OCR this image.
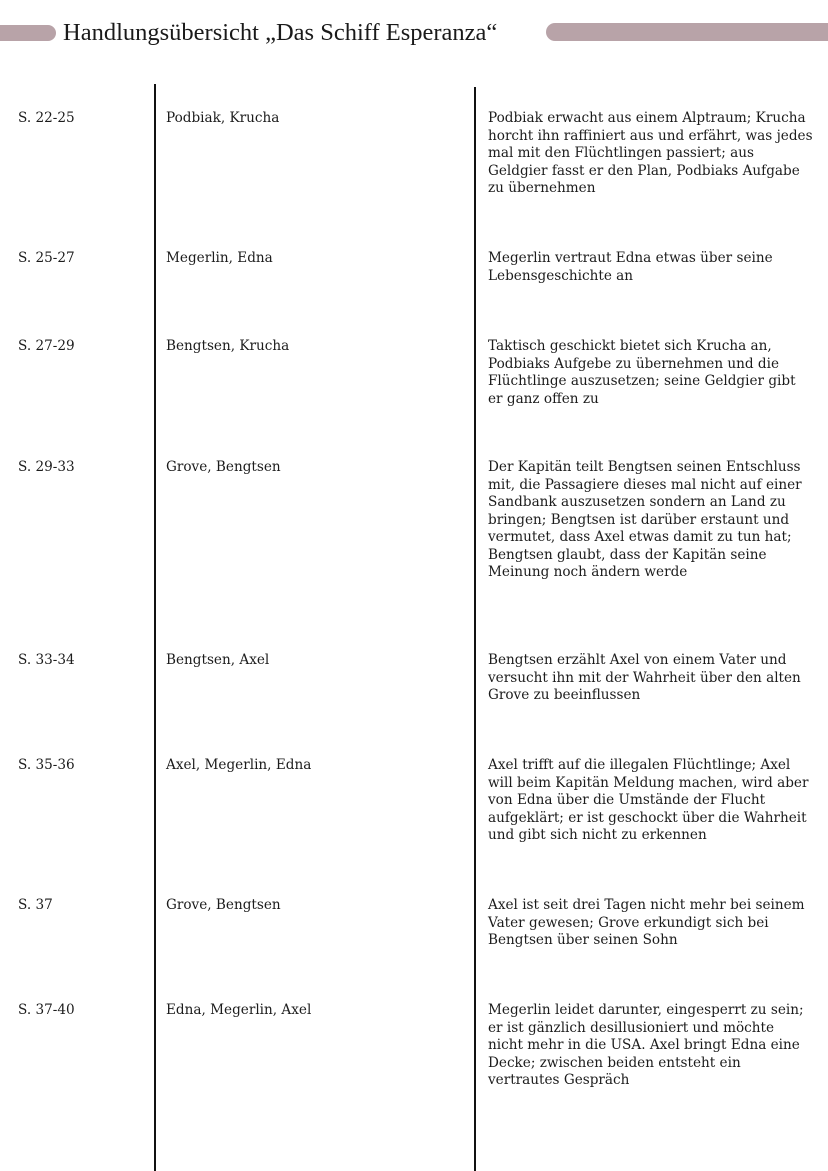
Handlungsübersicht „Das Schiff Esperanza“
S. 22-25	Podbiak, Krucha	Podbiak erwacht aus einem Alptraum; Krucha horcht ihn raffiniert aus und erfährt, was jedes mal mit den Flüchtlingen passiert; aus Geldgier fasst er den Plan, Podbiaks Aufgabe zu übernehmen
S. 25-27	Megerlin, Edna	Megerlin vertraut Edna etwas über seine Lebensgeschichte an
S. 27-29	Bengtsen, Krucha	Taktisch geschickt bietet sich Krucha an, Podbiaks Aufgebe zu übernehmen und die Flüchtlinge auszusetzen; seine Geldgier gibt er ganz offen zu
S. 29-33	Grove, Bengtsen	Der Kapitän teilt Bengtsen seinen Entschluss mit, die Passagiere dieses mal nicht auf einer Sandbank auszusetzen sondern an Land zu bringen; Bengtsen ist darüber erstaunt und vermutet, dass Axel etwas damit zu tun hat; Bengtsen glaubt, dass der Kapitän seine Meinung noch ändern werde
S. 33-34	Bengtsen, Axel	Bengtsen erzählt Axel von einem Vater und versucht ihn mit der Wahrheit über den alten Grove zu beeinflussen
S. 35-36	Axel, Megerlin, Edna	Axel trifft auf die illegalen Flüchtlinge; Axel will beim Kapitän Meldung machen, wird aber von Edna über die Umstände der Flucht aufgeklärt; er ist geschockt über die Wahrheit und gibt sich nicht zu erkennen
S. 37	Grove, Bengtsen	Axel ist seit drei Tagen nicht mehr bei seinem Vater gewesen; Grove erkundigt sich bei Bengtsen über seinen Sohn
S. 37-40	Edna, Megerlin, Axel	Megerlin leidet darunter, eingesperrt zu sein; er ist gänzlich desillusioniert und möchte nicht mehr in die USA. Axel bringt Edna eine Decke; zwischen beiden entsteht ein vertrautes Gespräch
